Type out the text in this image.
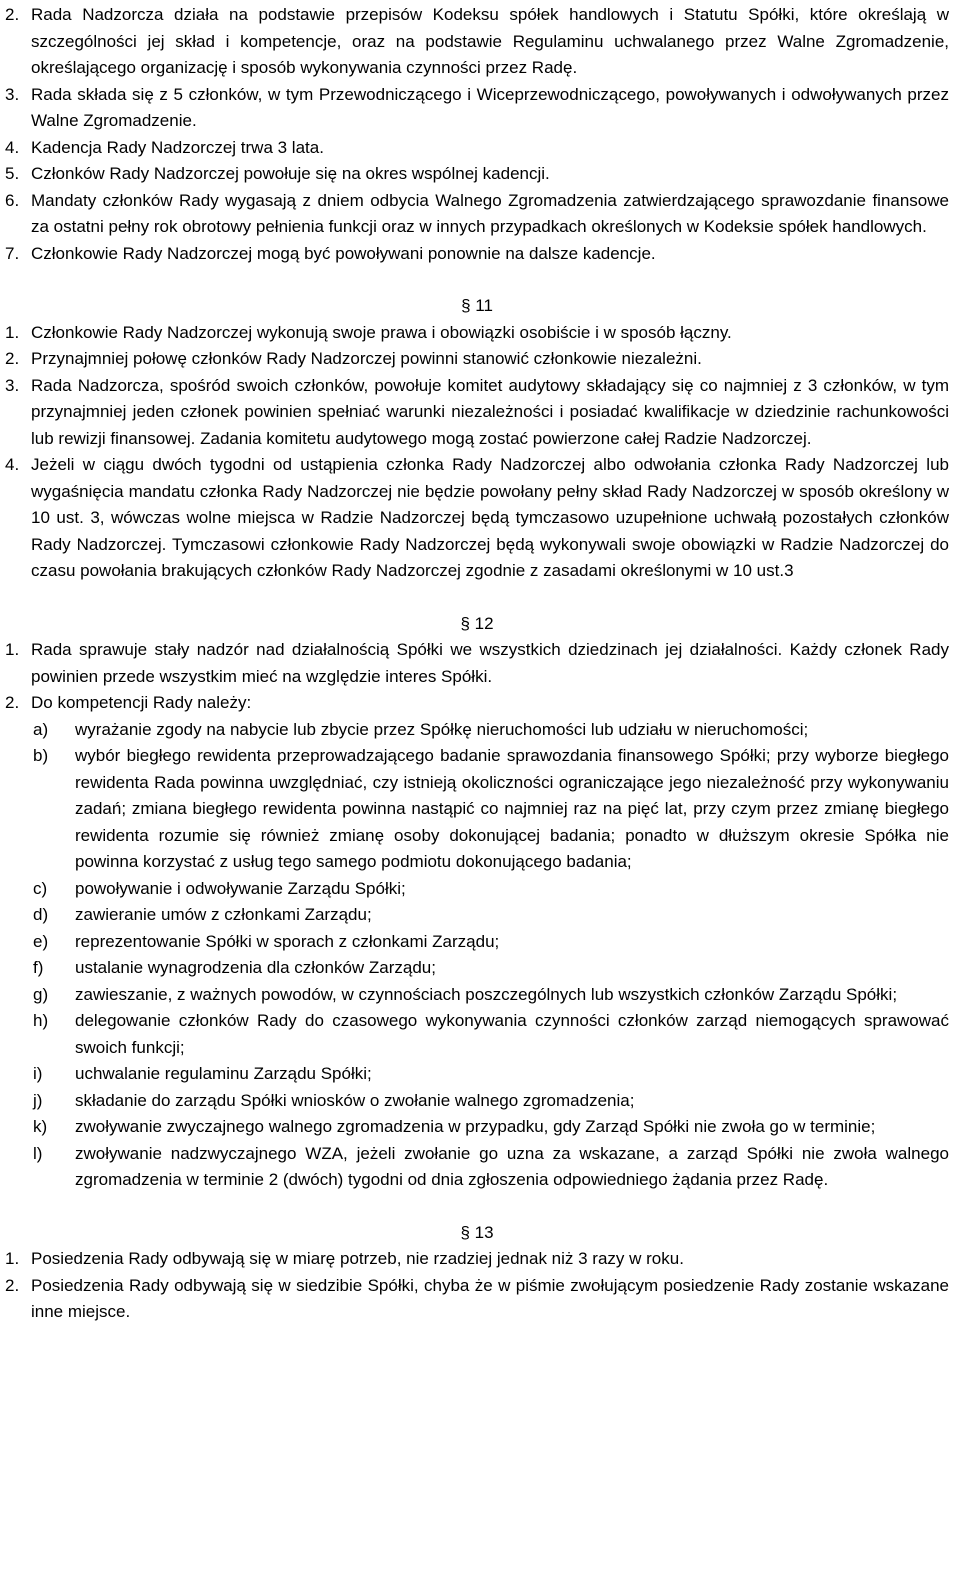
2. Rada Nadzorcza działa na podstawie przepisów Kodeksu spółek handlowych i Statutu Spółki, które określają w szczególności jej skład i kompetencje, oraz na podstawie Regulaminu uchwalanego przez Walne Zgromadzenie, określającego organizację i sposób wykonywania czynności przez Radę.

3. Rada składa się z 5 członków, w tym Przewodniczącego i Wiceprzewodniczącego, powoływanych i odwoływanych przez Walne Zgromadzenie.

4. Kadencja Rady Nadzorczej trwa 3 lata.

5. Członków Rady Nadzorczej powołuje się na okres wspólnej kadencji.

6. Mandaty członków Rady wygasają z dniem odbycia Walnego Zgromadzenia zatwierdzającego sprawozdanie finansowe za ostatni pełny rok obrotowy pełnienia funkcji oraz w innych przypadkach określonych w Kodeksie spółek handlowych.

7. Członkowie Rady Nadzorczej mogą być powoływani ponownie na dalsze kadencje.

§ 11

1. Członkowie Rady Nadzorczej wykonują swoje prawa i obowiązki osobiście i w sposób łączny.

2. Przynajmniej połowę członków Rady Nadzorczej powinni stanowić członkowie niezależni.

3. Rada Nadzorcza, spośród swoich członków, powołuje komitet audytowy składający się co najmniej z 3 członków, w tym przynajmniej jeden członek powinien spełniać warunki niezależności i posiadać kwalifikacje w dziedzinie rachunkowości lub rewizji finansowej. Zadania komitetu audytowego mogą zostać powierzone całej Radzie Nadzorczej.

4. Jeżeli w ciągu dwóch tygodni od ustąpienia członka Rady Nadzorczej albo odwołania członka Rady Nadzorczej lub wygaśnięcia mandatu członka Rady Nadzorczej nie będzie powołany pełny skład Rady Nadzorczej w sposób określony w 10 ust. 3, wówczas wolne miejsca w Radzie Nadzorczej będą tymczasowo uzupełnione uchwałą pozostałych członków Rady Nadzorczej. Tymczasowi członkowie Rady Nadzorczej będą wykonywali swoje obowiązki w Radzie Nadzorczej do czasu powołania brakujących członków Rady Nadzorczej zgodnie z zasadami określonymi w 10 ust.3

§ 12

1. Rada sprawuje stały nadzór nad działalnością Spółki we wszystkich dziedzinach jej działalności. Każdy członek Rady powinien przede wszystkim mieć na względzie interes Spółki.

2. Do kompetencji Rady należy:

a)	wyrażanie zgody na nabycie lub zbycie przez Spółkę nieruchomości lub udziału w nieruchomości;

b)	wybór biegłego rewidenta przeprowadzającego badanie sprawozdania finansowego Spółki; przy wyborze biegłego rewidenta Rada powinna uwzględniać, czy istnieją okoliczności ograniczające jego niezależność przy wykonywaniu zadań; zmiana biegłego rewidenta powinna nastąpić co najmniej raz na pięć lat, przy czym przez zmianę biegłego rewidenta rozumie się również zmianę osoby dokonującej badania; ponadto w dłuższym okresie Spółka nie powinna korzystać z usług tego samego podmiotu dokonującego badania;

c)	powoływanie i odwoływanie Zarządu Spółki;

d)	zawieranie umów z członkami Zarządu;

e)	reprezentowanie Spółki w sporach z członkami Zarządu;

f)	ustalanie wynagrodzenia dla członków Zarządu;

g)	zawieszanie, z ważnych powodów, w czynnościach poszczególnych lub wszystkich członków Zarządu Spółki;

h)	delegowanie członków Rady do czasowego wykonywania czynności członków zarząd niemogących sprawować swoich funkcji;

i)	uchwalanie regulaminu Zarządu Spółki;

j)	składanie do zarządu Spółki wniosków o zwołanie walnego zgromadzenia;

k)	zwoływanie zwyczajnego walnego zgromadzenia w przypadku, gdy Zarząd Spółki nie zwoła go w terminie;

l)	zwoływanie nadzwyczajnego WZA, jeżeli zwołanie go uzna za wskazane, a zarząd Spółki nie zwoła walnego zgromadzenia w terminie 2 (dwóch) tygodni od dnia zgłoszenia odpowiedniego żądania przez Radę.

§ 13

1. Posiedzenia Rady odbywają się w miarę potrzeb, nie rzadziej jednak niż 3 razy w roku.

2. Posiedzenia Rady odbywają się w siedzibie Spółki, chyba że w piśmie zwołującym posiedzenie Rady zostanie wskazane inne miejsce.
